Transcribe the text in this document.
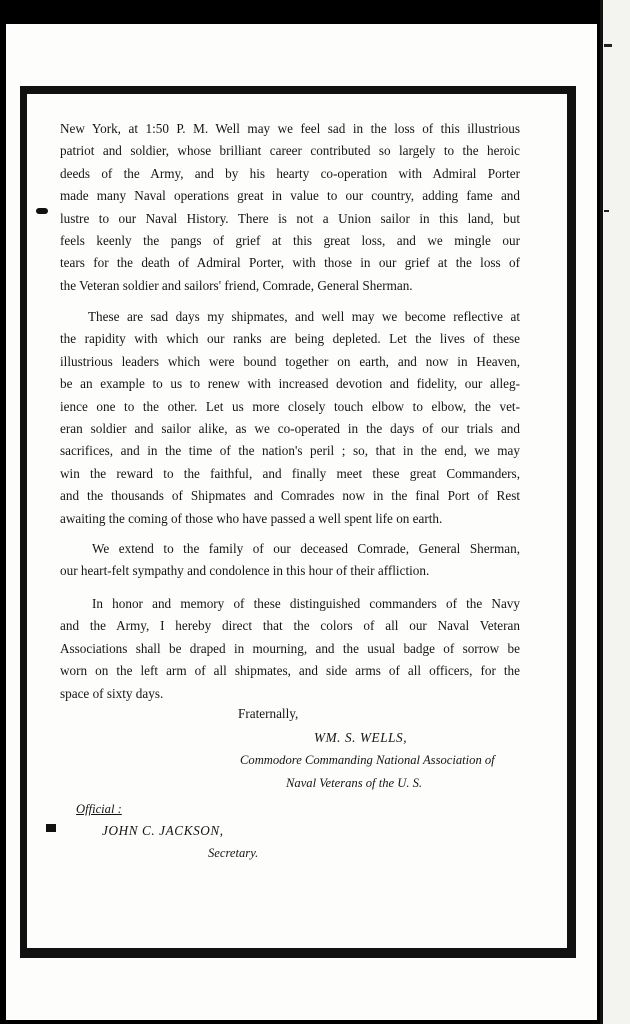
New York, at 1:50 P. M. Well may we feel sad in the loss of this illustrious
patriot and soldier, whose brilliant career contributed so largely to the heroic
deeds of the Army, and by his hearty co-operation with Admiral Porter
made many Naval operations great in value to our country, adding fame and
lustre to our Naval History. There is not a Union sailor in this land, but
feels keenly the pangs of grief at this great loss, and we mingle our
tears for the death of Admiral Porter, with those in our grief at the loss of
the Veteran soldier and sailors' friend, Comrade, General Sherman.
These are sad days my shipmates, and well may we become reflective at
the rapidity with which our ranks are being depleted. Let the lives of these
illustrious leaders which were bound together on earth, and now in Heaven,
be an example to us to renew with increased devotion and fidelity, our alleg-
ience one to the other. Let us more closely touch elbow to elbow, the vet-
eran soldier and sailor alike, as we co-operated in the days of our trials and
sacrifices, and in the time of the nation's peril ; so, that in the end, we may
win the reward to the faithful, and finally meet these great Commanders,
and the thousands of Shipmates and Comrades now in the final Port of Rest
awaiting the coming of those who have passed a well spent life on earth.
We extend to the family of our deceased Comrade, General Sherman,
our heart-felt sympathy and condolence in this hour of their affliction.
In honor and memory of these distinguished commanders of the Navy
and the Army, I hereby direct that the colors of all our Naval Veteran
Associations shall be draped in mourning, and the usual badge of sorrow be
worn on the left arm of all shipmates, and side arms of all officers, for the
space of sixty days.
Fraternally,
WM. S. WELLS,
Commodore Commanding National Association of
Naval Veterans of the U. S.
Official :
JOHN C. JACKSON,
Secretary.
